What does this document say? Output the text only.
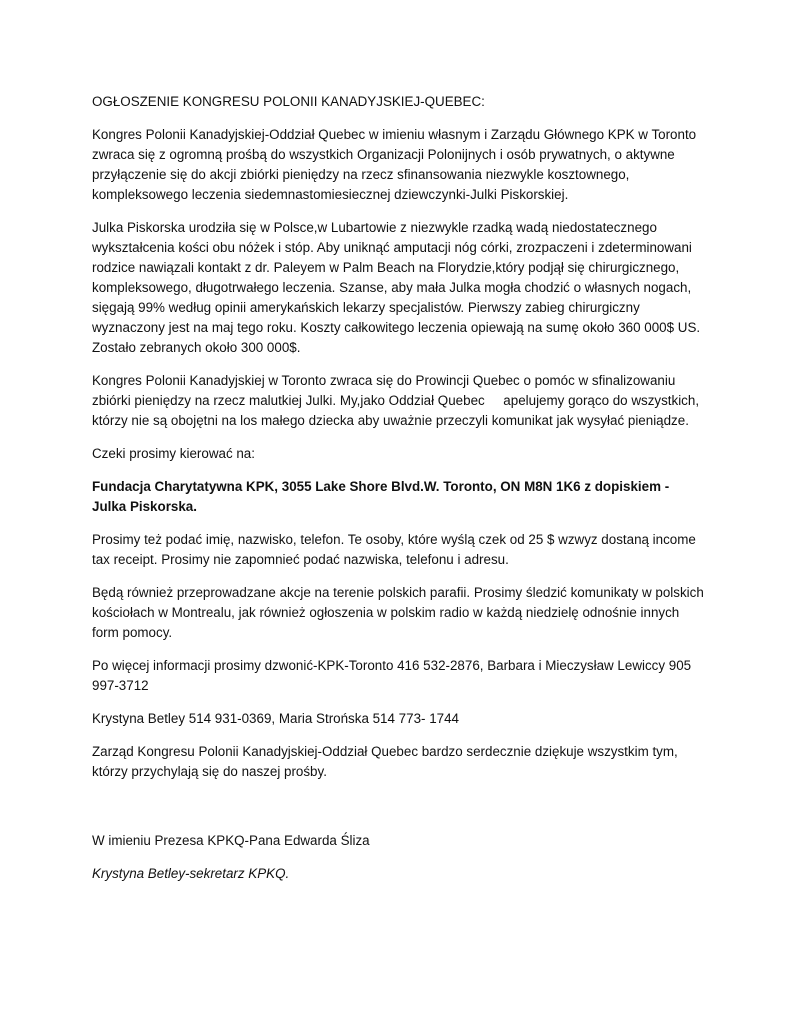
OGŁOSZENIE KONGRESU POLONII KANADYJSKIEJ-QUEBEC:

Kongres Polonii Kanadyjskiej-Oddział Quebec w imieniu własnym i Zarządu Głównego KPK w Toronto zwraca się z ogromną prośbą do wszystkich Organizacji Polonijnych i osób prywatnych, o aktywne przyłączenie się do akcji zbiórki pieniędzy na rzecz sfinansowania niezwykle kosztownego, kompleksowego leczenia siedemnastomiesiecznej dziewczynki-Julki Piskorskiej.

Julka Piskorska urodziła się w Polsce,w Lubartowie z niezwykle rzadką wadą niedostatecznego wykształcenia kości obu nóżek i stóp. Aby uniknąć amputacji nóg córki, zrozpaczeni i zdeterminowani rodzice nawiązali kontakt z dr. Paleyem w Palm Beach na Florydzie,który podjął się chirurgicznego, kompleksowego, długotrwałego leczenia. Szanse, aby mała Julka mogła chodzić o własnych nogach, sięgają 99% według opinii amerykańskich lekarzy specjalistów. Pierwszy zabieg chirurgiczny wyznaczony jest na maj tego roku. Koszty całkowitego leczenia opiewają na sumę około 360 000$ US. Zostało zebranych około 300 000$.

Kongres Polonii Kanadyjskiej w Toronto zwraca się do Prowincji Quebec o pomóc w sfinalizowaniu zbiórki pieniędzy na rzecz malutkiej Julki. My,jako Oddział Quebec     apelujemy gorąco do wszystkich, którzy nie są obojętni na los małego dziecka aby uważnie przeczyli komunikat jak wysyłać pieniądze.

Czeki prosimy kierować na:

Fundacja Charytatywna KPK, 3055 Lake Shore Blvd.W. Toronto, ON M8N 1K6 z dopiskiem - Julka Piskorska.

Prosimy też podać imię, nazwisko, telefon. Te osoby, które wyślą czek od 25 $ wzwyz dostaną income tax receipt. Prosimy nie zapomnieć podać nazwiska, telefonu i adresu.

Będą również przeprowadzane akcje na terenie polskich parafii. Prosimy śledzić komunikaty w polskich kościołach w Montrealu, jak również ogłoszenia w polskim radio w każdą niedzielę odnośnie innych form pomocy.

Po więcej informacji prosimy dzwonić-KPK-Toronto 416 532-2876, Barbara i Mieczysław Lewiccy 905 997-3712

Krystyna Betley 514 931-0369, Maria Strońska 514 773- 1744

Zarząd Kongresu Polonii Kanadyjskiej-Oddział Quebec bardzo serdecznie dziękuje wszystkim tym, którzy przychylają się do naszej prośby.

W imieniu Prezesa KPKQ-Pana Edwarda Śliza

Krystyna Betley-sekretarz KPKQ.
